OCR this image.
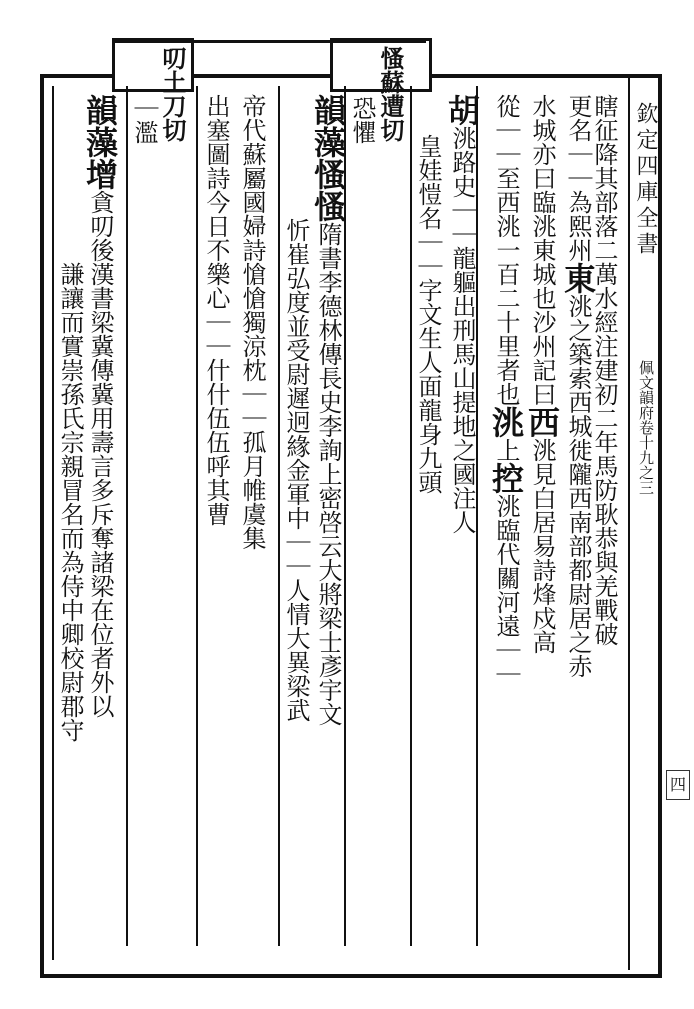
欽定四庫全書
佩文韻府卷十九之三
四
瞎征降其部落二萬水經注建初二年馬防耿恭與羌戰破
更名｜｜為熙州東洮之築索西城徙隴西南部都尉居之赤
水城亦曰臨洮東城也沙州記曰西洮見白居易詩烽戍高
從｜｜至西洮一百二十里者也洮上控洮臨代關河遠｜｜
胡洮路史｜｜龍軀出刑馬山提地之國注人
皇娃愷名｜｜字文生人面龍身九頭
慅蘇遭切
恐懼
韻藻慅慅隋書李德林傳長史李詢上密啓云大將梁士彥宇文
忻崔弘度並受尉遲迥緣金軍中｜｜人情大異梁武
帝代蘇屬國婦詩愴愴獨涼枕｜｜孤月帷虞集
出塞圖詩今日不樂心｜｜什什伍伍呼其曹
叨土刀切
｜濫
韻藻增貪叨後漢書梁冀傳冀用壽言多斥奪諸梁在位者外以
謙讓而實崇孫氏宗親冒名而為侍中卿校尉郡守
